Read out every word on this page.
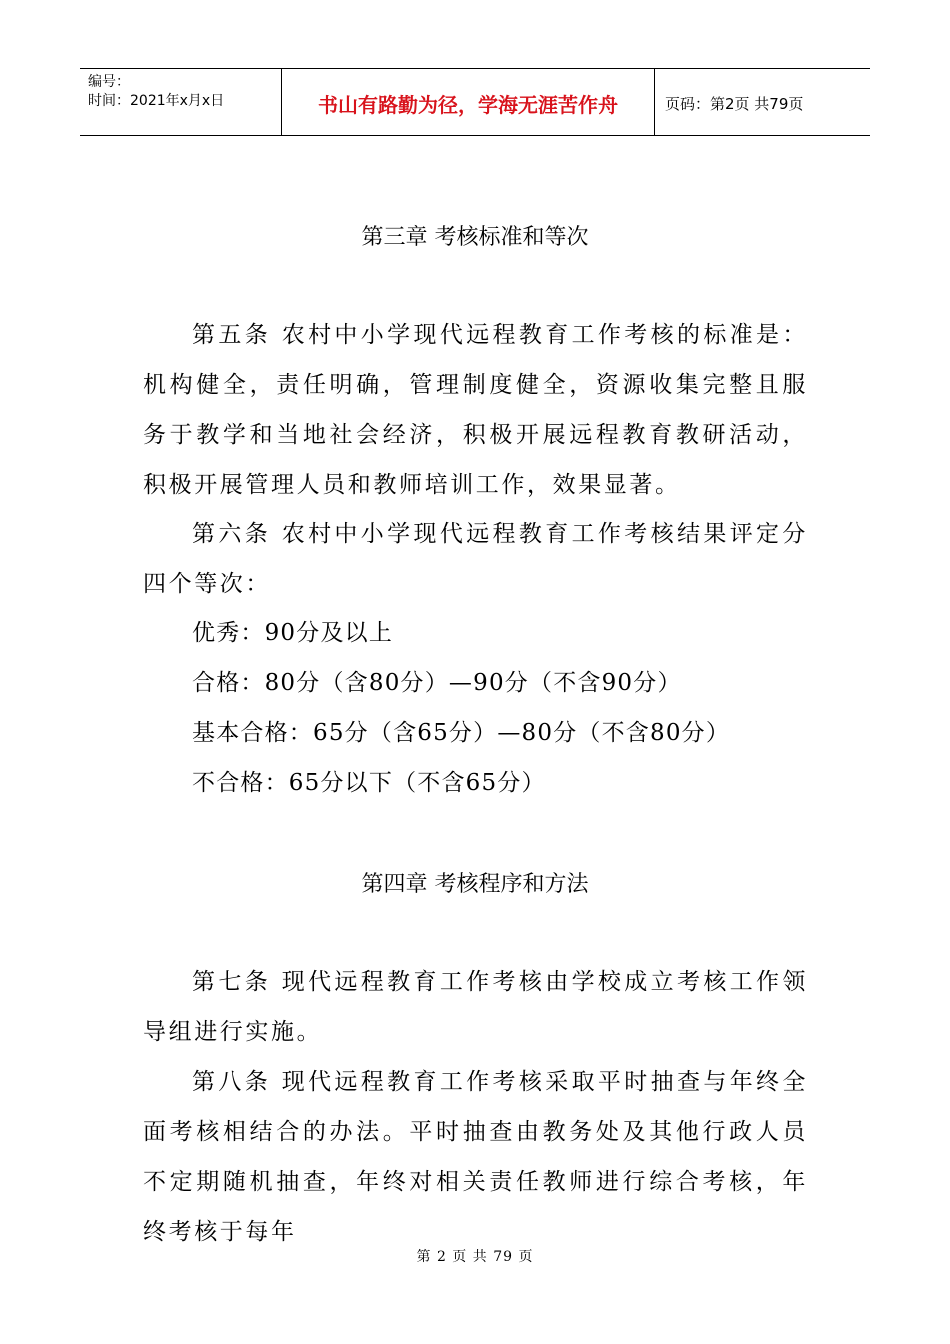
编号：
时间：2021年x月x日	书山有路勤为径，学海无涯苦作舟	页码：第2页 共79页
第三章 考核标准和等次

第五条 农村中小学现代远程教育工作考核的标准是：机构健全，责任明确，管理制度健全，资源收集完整且服务于教学和当地社会经济，积极开展远程教育教研活动，积极开展管理人员和教师培训工作，效果显著。

第六条 农村中小学现代远程教育工作考核结果评定分四个等次：

优秀：90分及以上
合格：80分（含80分）—90分（不含90分）
基本合格：65分（含65分）—80分（不含80分）
不合格：65分以下（不含65分）
第四章 考核程序和方法

第七条 现代远程教育工作考核由学校成立考核工作领导组进行实施。

第八条 现代远程教育工作考核采取平时抽查与年终全面考核相结合的办法。平时抽查由教务处及其他行政人员不定期随机抽查，年终对相关责任教师进行综合考核，年终考核于每年

第 2 页 共 79 页
